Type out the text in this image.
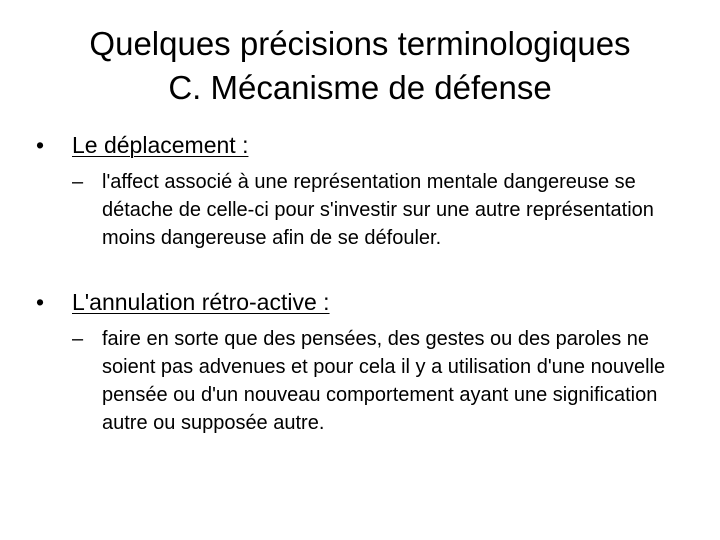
Quelques précisions terminologiques
C. Mécanisme de défense
•	Le déplacement :
– l'affect associé à une représentation mentale dangereuse se détache de celle-ci pour s'investir sur une autre représentation moins dangereuse afin de se défouler.
•	L'annulation rétro-active :
– faire en sorte que des pensées, des gestes ou des paroles ne soient pas advenues et pour cela il y a utilisation d'une nouvelle pensée ou d'un nouveau comportement ayant une signification autre ou supposée autre.
